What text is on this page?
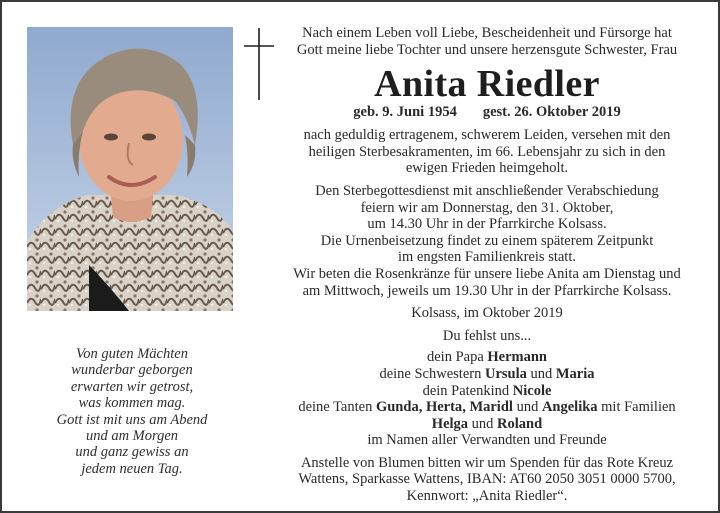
Von guten Mächten
wunderbar geborgen
erwarten wir getrost,
was kommen mag.
Gott ist mit uns am Abend
und am Morgen
und ganz gewiss an
jedem neuen Tag.
Nach einem Leben voll Liebe, Bescheidenheit und Fürsorge hat
Gott meine liebe Tochter und unsere herzensgute Schwester, Frau
Anita Riedler
geb. 9. Juni 1954 gest. 26. Oktober 2019
nach geduldig ertragenem, schwerem Leiden, versehen mit den
heiligen Sterbesakramenten, im 66. Lebensjahr zu sich in den
ewigen Frieden heimgeholt.
Den Sterbegottesdienst mit anschließender Verabschiedung
feiern wir am Donnerstag, den 31. Oktober,
um 14.30 Uhr in der Pfarrkirche Kolsass.
Die Urnenbeisetzung findet zu einem späterem Zeitpunkt
im engsten Familienkreis statt.
Wir beten die Rosenkränze für unsere liebe Anita am Dienstag und
am Mittwoch, jeweils um 19.30 Uhr in der Pfarrkirche Kolsass.
Kolsass, im Oktober 2019
Du fehlst uns...
dein Papa Hermann
deine Schwestern Ursula und Maria
dein Patenkind Nicole
deine Tanten Gunda, Herta, Maridl und Angelika mit Familien
Helga und Roland
im Namen aller Verwandten und Freunde
Anstelle von Blumen bitten wir um Spenden für das Rote Kreuz
Wattens, Sparkasse Wattens, IBAN: AT60 2050 3051 0000 5700,
Kennwort: „Anita Riedler“.
